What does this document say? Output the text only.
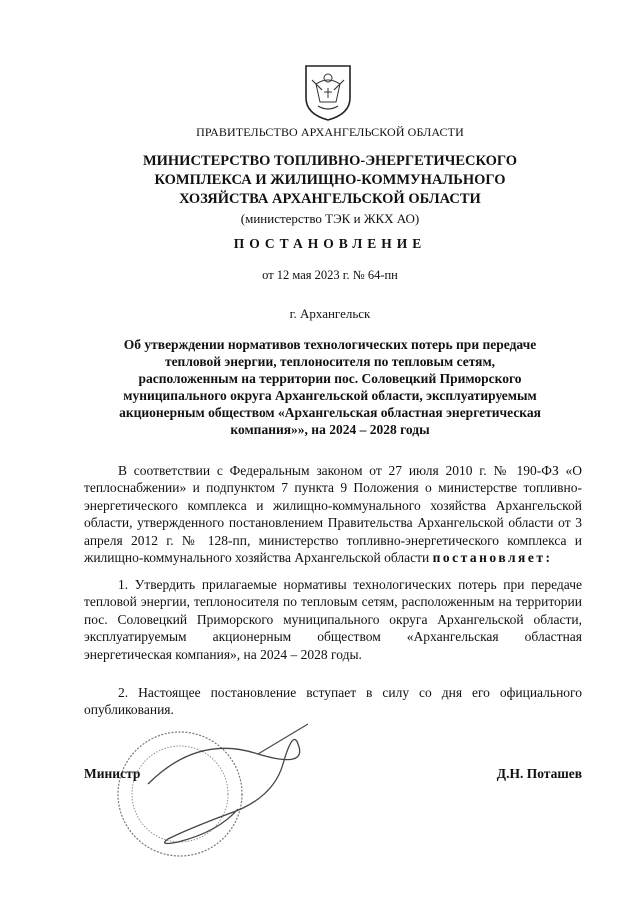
ПРАВИТЕЛЬСТВО АРХАНГЕЛЬСКОЙ ОБЛАСТИ
МИНИСТЕРСТВО ТОПЛИВНО-ЭНЕРГЕТИЧЕСКОГО
КОМПЛЕКСА И ЖИЛИЩНО-КОММУНАЛЬНОГО
ХОЗЯЙСТВА АРХАНГЕЛЬСКОЙ ОБЛАСТИ
(министерство ТЭК и ЖКХ АО)
ПОСТАНОВЛЕНИЕ
от 12 мая 2023 г. № 64-пн
г. Архангельск
Об утверждении нормативов технологических потерь при передаче
тепловой энергии, теплоносителя по тепловым сетям,
расположенным на территории пос. Соловецкий Приморского
муниципального округа Архангельской области, эксплуатируемым
акционерным обществом «Архангельская областная энергетическая
компания»», на 2024 – 2028 годы

В соответствии с Федеральным законом от 27 июля 2010 г. № 190-ФЗ «О теплоснабжении» и подпунктом 7 пункта 9 Положения о министерстве топливно-энергетического комплекса и жилищно-коммунального хозяйства Архангельской области, утвержденного постановлением Правительства Архангельской области от 3 апреля 2012 г. № 128-пп, министерство топливно-энергетического комплекса и жилищно-коммунального хозяйства Архангельской области постановляет:

1. Утвердить прилагаемые нормативы технологических потерь при передаче тепловой энергии, теплоносителя по тепловым сетям, расположенным на территории пос. Соловецкий Приморского муниципального округа Архангельской области, эксплуатируемым акционерным обществом «Архангельская областная энергетическая компания», на 2024 – 2028 годы.

2. Настоящее постановление вступает в силу со дня его официального опубликования.

Министр	Д.Н. Поташев
